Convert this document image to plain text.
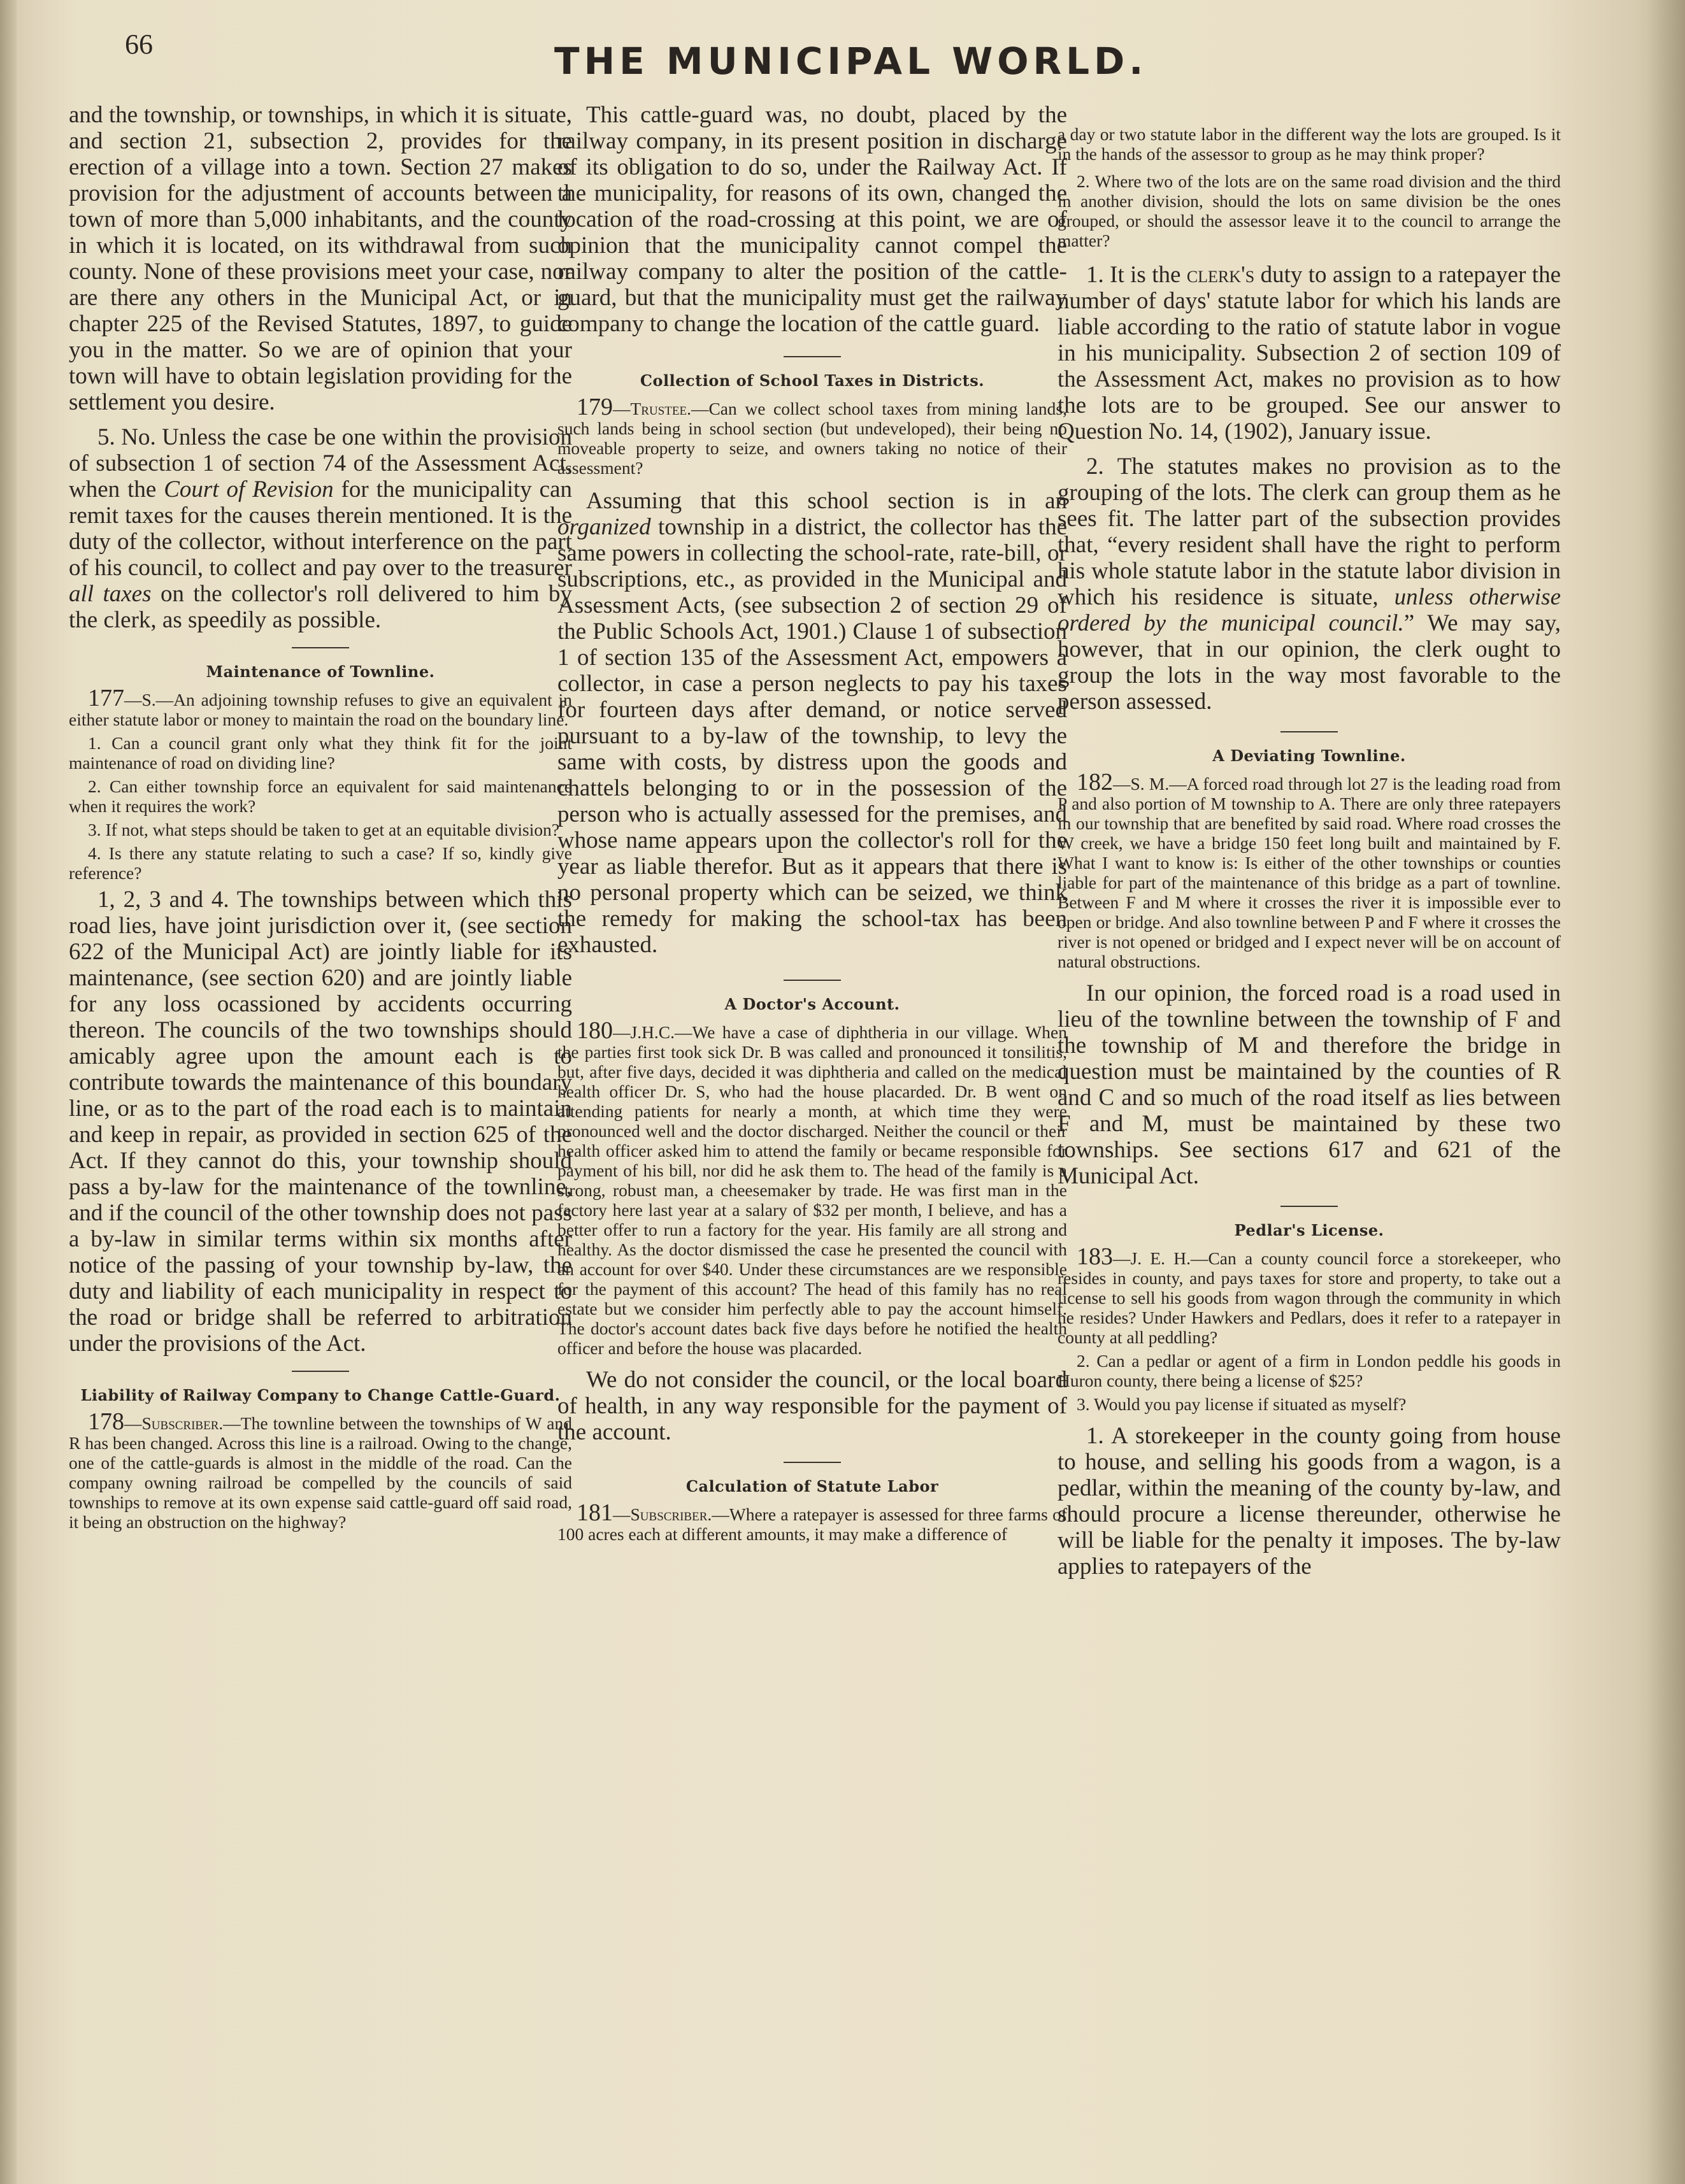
66	THE MUNICIPAL WORLD.

and the township, or townships, in which it is situate, and section 21, subsection 2, provides for the erection of a village into a town. Section 27 makes provision for the adjustment of accounts between a town of more than 5,000 inhabitants, and the county in which it is located, on its withdrawal from such county. None of these provisions meet your case, nor are there any others in the Municipal Act, or in chapter 225 of the Revised Statutes, 1897, to guide you in the matter. So we are of opinion that your town will have to obtain legislation providing for the settlement you desire.

5. No. Unless the case be one within the provision of subsection 1 of section 74 of the Assessment Act, when the Court of Revision for the municipality can remit taxes for the causes therein mentioned. It is the duty of the collector, without interference on the part of his council, to collect and pay over to the treasurer all taxes on the collector's roll delivered to him by the clerk, as speedily as possible.

Maintenance of Townline.

177—S.—An adjoining township refuses to give an equivalent in either statute labor or money to maintain the road on the boundary line.

1. Can a council grant only what they think fit for the joint maintenance of road on dividing line?

2. Can either township force an equivalent for said maintenance when it requires the work?

3. If not, what steps should be taken to get at an equitable division?

4. Is there any statute relating to such a case? If so, kindly give reference?

1, 2, 3 and 4. The townships between which this road lies, have joint jurisdiction over it, (see section 622 of the Municipal Act) are jointly liable for its maintenance, (see section 620) and are jointly liable for any loss ocassioned by accidents occurring thereon. The councils of the two townships should amicably agree upon the amount each is to contribute towards the maintenance of this boundary line, or as to the part of the road each is to maintain and keep in repair, as provided in section 625 of the Act. If they cannot do this, your township should pass a by-law for the maintenance of the townline, and if the council of the other township does not pass a by-law in similar terms within six months after notice of the passing of your township by-law, the duty and liability of each municipality in respect to the road or bridge shall be referred to arbitration under the provisions of the Act.

Liability of Railway Company to Change Cattle-Guard.

178—Subscriber.—The townline between the townships of W and R has been changed. Across this line is a railroad. Owing to the change, one of the cattle-guards is almost in the middle of the road. Can the company owning railroad be compelled by the councils of said townships to remove at its own expense said cattle-guard off said road, it being an obstruction on the highway?

This cattle-guard was, no doubt, placed by the railway company, in its present position in discharge of its obligation to do so, under the Railway Act. If the municipality, for reasons of its own, changed the location of the road-crossing at this point, we are of opinion that the municipality cannot compel the railway company to alter the position of the cattle-guard, but that the municipality must get the railway company to change the location of the cattle guard.

Collection of School Taxes in Districts.

179—Trustee.—Can we collect school taxes from mining lands, such lands being in school section (but undeveloped), their being no moveable property to seize, and owners taking no notice of their assessment?

Assuming that this school section is in an organized township in a district, the collector has the same powers in collecting the school-rate, rate-bill, or subscriptions, etc., as provided in the Municipal and Assessment Acts, (see subsection 2 of section 29 of the Public Schools Act, 1901.) Clause 1 of subsection 1 of section 135 of the Assessment Act, empowers a collector, in case a person neglects to pay his taxes for fourteen days after demand, or notice served pursuant to a by-law of the township, to levy the same with costs, by distress upon the goods and chattels belonging to or in the possession of the person who is actually assessed for the premises, and whose name appears upon the collector's roll for the year as liable therefor. But as it appears that there is no personal property which can be seized, we think the remedy for making the school-tax has been exhausted.

A Doctor's Account.

180—J.H.C.—We have a case of diphtheria in our village. When the parties first took sick Dr. B was called and pronounced it tonsilitis, but, after five days, decided it was diphtheria and called on the medical health officer Dr. S, who had the house placarded. Dr. B went on attending patients for nearly a month, at which time they were pronounced well and the doctor discharged. Neither the council or their health officer asked him to attend the family or became responsible for payment of his bill, nor did he ask them to. The head of the family is a strong, robust man, a cheesemaker by trade. He was first man in the factory here last year at a salary of $32 per month, I believe, and has a better offer to run a factory for the year. His family are all strong and healthy. As the doctor dismissed the case he presented the council with an account for over $40. Under these circumstances are we responsible for the payment of this account? The head of this family has no real estate but we consider him perfectly able to pay the account himself. The doctor's account dates back five days before he notified the health officer and before the house was placarded.

We do not consider the council, or the local board of health, in any way responsible for the payment of the account.

Calculation of Statute Labor

181—Subscriber.—Where a ratepayer is assessed for three farms of 100 acres each at different amounts, it may make a difference of

a day or two statute labor in the different way the lots are grouped. Is it in the hands of the assessor to group as he may think proper?

2. Where two of the lots are on the same road division and the third in another division, should the lots on same division be the ones grouped, or should the assessor leave it to the council to arrange the matter?

1. It is the clerk's duty to assign to a ratepayer the number of days' statute labor for which his lands are liable according to the ratio of statute labor in vogue in his municipality. Subsection 2 of section 109 of the Assessment Act, makes no provision as to how the lots are to be grouped. See our answer to Question No. 14, (1902), January issue.

2. The statutes makes no provision as to the grouping of the lots. The clerk can group them as he sees fit. The latter part of the subsection provides that, “every resident shall have the right to perform his whole statute labor in the statute labor division in which his residence is situate, unless otherwise ordered by the municipal council.” We may say, however, that in our opinion, the clerk ought to group the lots in the way most favorable to the person assessed.

A Deviating Townline.

182—S. M.—A forced road through lot 27 is the leading road from P and also portion of M township to A. There are only three ratepayers in our township that are benefited by said road. Where road crosses the W creek, we have a bridge 150 feet long built and maintained by F. What I want to know is: Is either of the other townships or counties liable for part of the maintenance of this bridge as a part of townline. Between F and M where it crosses the river it is impossible ever to open or bridge. And also townline between P and F where it crosses the river is not opened or bridged and I expect never will be on account of natural obstructions.

In our opinion, the forced road is a road used in lieu of the townline between the township of F and the township of M and therefore the bridge in question must be maintained by the counties of R and C and so much of the road itself as lies between F and M, must be maintained by these two townships. See sections 617 and 621 of the Municipal Act.

Pedlar's License.

183—J. E. H.—Can a county council force a storekeeper, who resides in county, and pays taxes for store and property, to take out a license to sell his goods from wagon through the community in which he resides? Under Hawkers and Pedlars, does it refer to a ratepayer in county at all peddling?

2. Can a pedlar or agent of a firm in London peddle his goods in Huron county, there being a license of $25?

3. Would you pay license if situated as myself?

1. A storekeeper in the county going from house to house, and selling his goods from a wagon, is a pedlar, within the meaning of the county by-law, and should procure a license thereunder, otherwise he will be liable for the penalty it imposes. The by-law applies to ratepayers of the
